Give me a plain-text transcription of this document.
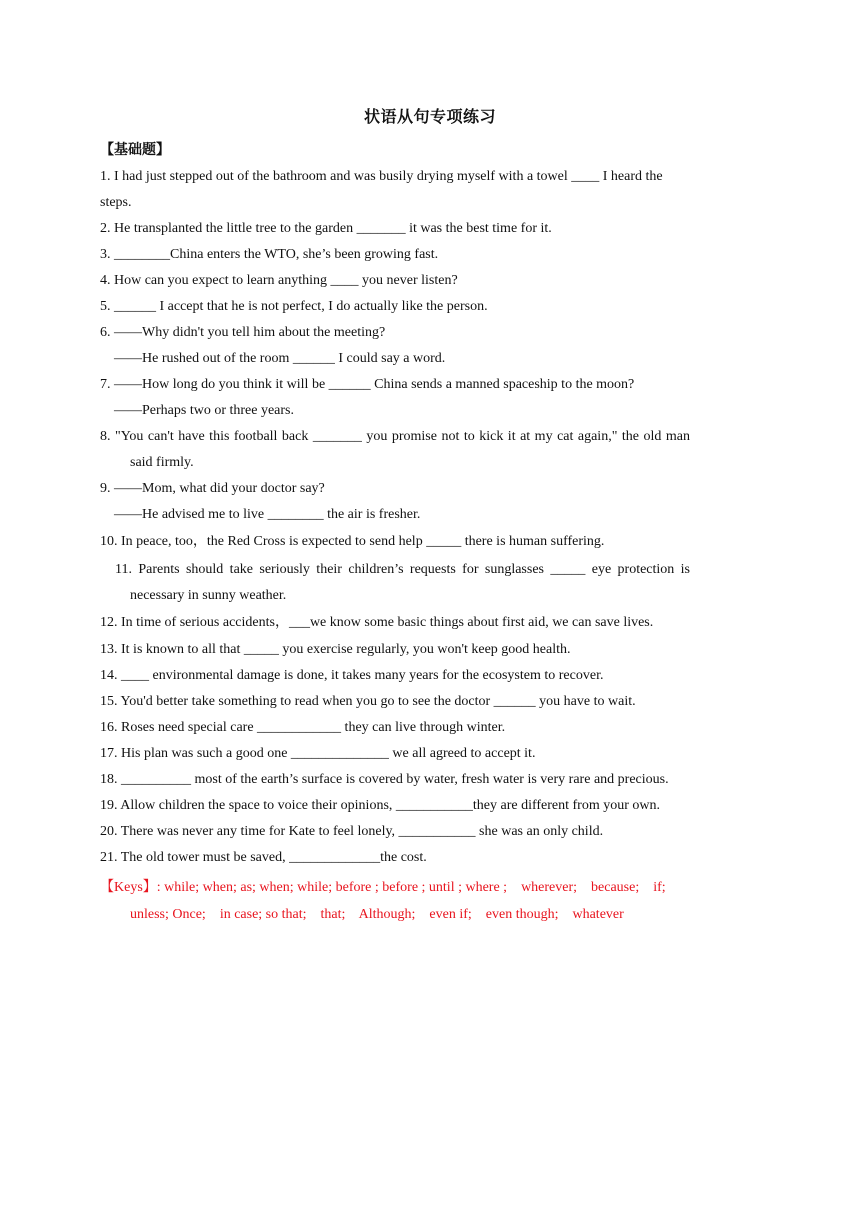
状语从句专项练习
【基础题】

1. I had just stepped out of the bathroom and was busily drying myself with a towel ____ I heard the

steps.

2. He transplanted the little tree to the garden _______ it was the best time for it.

3. ________China enters the WTO, she’s been growing fast.

4. How can you expect to learn anything ____ you never listen?

5. ______ I accept that he is not perfect, I do actually like the person.

6. ——Why didn't you tell him about the meeting?
——He rushed out of the room ______ I could say a word.

7. ——How long do you think it will be ______ China sends a manned spaceship to the moon?
——Perhaps two or three years.

8. "You can't have this football back _______ you promise not to kick it at my cat again," the old man said firmly.

9. ——Mom, what did your doctor say?
——He advised me to live ________ the air is fresher.

10. In peace, too，the Red Cross is expected to send help _____ there is human suffering.

11. Parents should take seriously their children’s requests for sunglasses _____ eye protection is necessary in sunny weather.

12. In time of serious accidents，___we know some basic things about first aid, we can save lives.

13. It is known to all that _____ you exercise regularly, you won't keep good health.

14. ____ environmental damage is done, it takes many years for the ecosystem to recover.

15. You'd better take something to read when you go to see the doctor ______ you have to wait.

16. Roses need special care ____________ they can live through winter.

17. His plan was such a good one ______________ we all agreed to accept it.

18. __________ most of the earth’s surface is covered by water, fresh water is very rare and precious.

19. Allow children the space to voice their opinions, ___________they are different from your own.

20. There was never any time for Kate to feel lonely, ___________ she was an only child.

21. The old tower must be saved, _____________the cost.

【Keys】: while; when; as; when; while; before ; before ; until ; where ;    wherever;    because;    if;    unless; Once;    in case; so that;    that;    Although;    even if;    even though;    whatever
